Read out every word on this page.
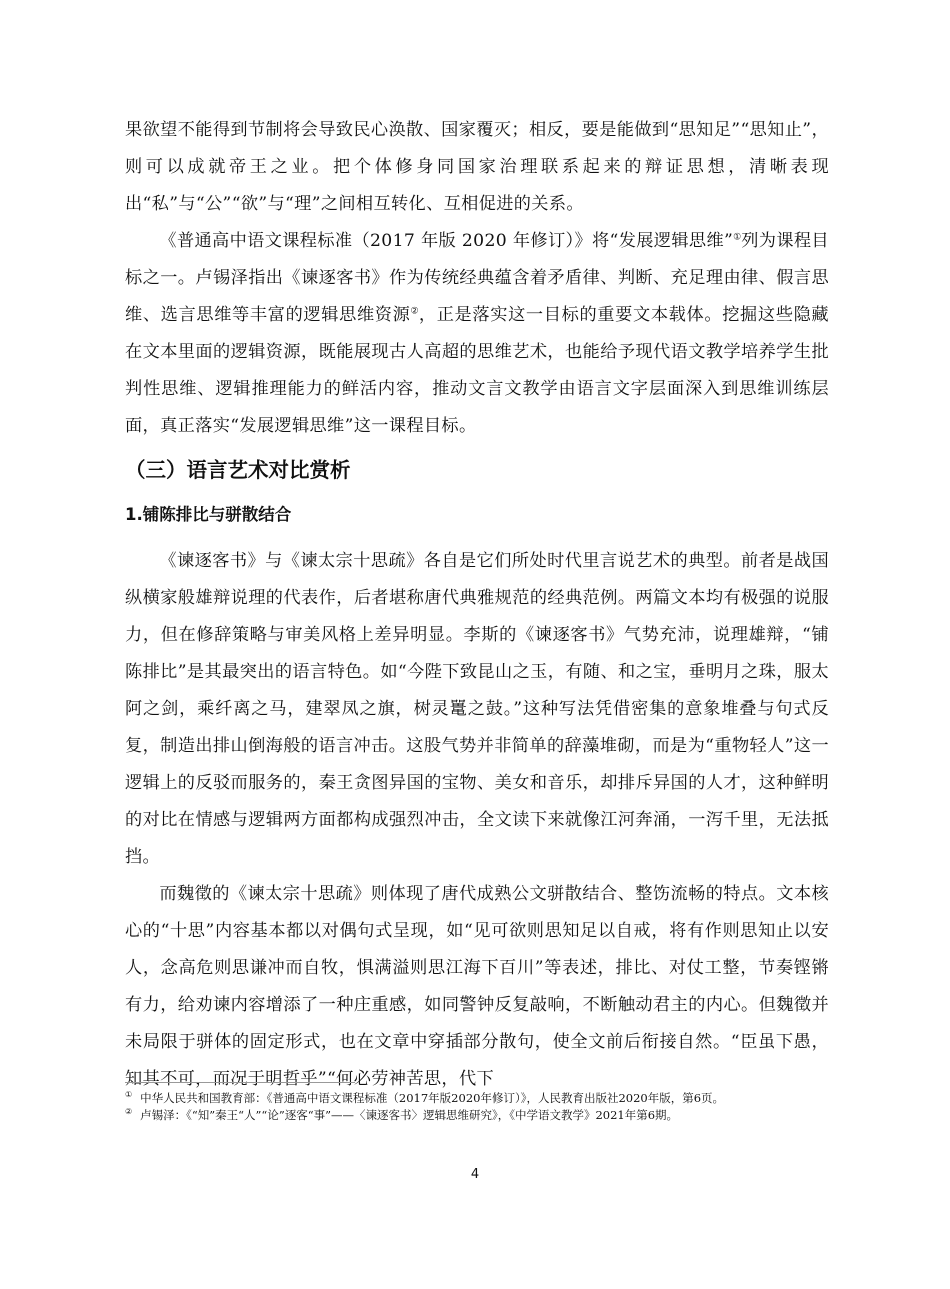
果欲望不能得到节制将会导致民心涣散、国家覆灭；相反，要是能做到“思知足”“思知止”，则可以成就帝王之业。把个体修身同国家治理联系起来的辩证思想，清晰表现出“私”与“公”“欲”与“理”之间相互转化、互相促进的关系。

《普通高中语文课程标准（2017 年版 2020 年修订）》将“发展逻辑思维”①列为课程目标之一。卢锡泽指出《谏逐客书》作为传统经典蕴含着矛盾律、判断、充足理由律、假言思维、选言思维等丰富的逻辑思维资源②，正是落实这一目标的重要文本载体。挖掘这些隐藏在文本里面的逻辑资源，既能展现古人高超的思维艺术，也能给予现代语文教学培养学生批判性思维、逻辑推理能力的鲜活内容，推动文言文教学由语言文字层面深入到思维训练层面，真正落实“发展逻辑思维”这一课程目标。

（三）语言艺术对比赏析
1.铺陈排比与骈散结合

《谏逐客书》与《谏太宗十思疏》各自是它们所处时代里言说艺术的典型。前者是战国纵横家般雄辩说理的代表作，后者堪称唐代典雅规范的经典范例。两篇文本均有极强的说服力，但在修辞策略与审美风格上差异明显。李斯的《谏逐客书》气势充沛，说理雄辩，“铺陈排比”是其最突出的语言特色。如“今陛下致昆山之玉，有随、和之宝，垂明月之珠，服太阿之剑，乘纤离之马，建翠凤之旗，树灵鼍之鼓。”这种写法凭借密集的意象堆叠与句式反复，制造出排山倒海般的语言冲击。这股气势并非简单的辞藻堆砌，而是为“重物轻人”这一逻辑上的反驳而服务的，秦王贪图异国的宝物、美女和音乐，却排斥异国的人才，这种鲜明的对比在情感与逻辑两方面都构成强烈冲击，全文读下来就像江河奔涌，一泻千里，无法抵挡。

而魏徵的《谏太宗十思疏》则体现了唐代成熟公文骈散结合、整饬流畅的特点。文本核心的“十思”内容基本都以对偶句式呈现，如“见可欲则思知足以自戒，将有作则思知止以安人，念高危则思谦冲而自牧，惧满溢则思江海下百川”等表述，排比、对仗工整，节奏铿锵有力，给劝谏内容增添了一种庄重感，如同警钟反复敲响，不断触动君主的内心。但魏徵并未局限于骈体的固定形式，也在文章中穿插部分散句，使全文前后衔接自然。“臣虽下愚，知其不可，而况于明哲乎”“何必劳神苦思，代下

① 中华人民共和国教育部：《普通高中语文课程标准（2017年版2020年修订）》，人民教育出版社2020年版，第6页。

② 卢锡泽：《“知”秦王“人”“论”逐客“事”——〈谏逐客书〉逻辑思维研究》，《中学语文教学》2021年第6期。

4
